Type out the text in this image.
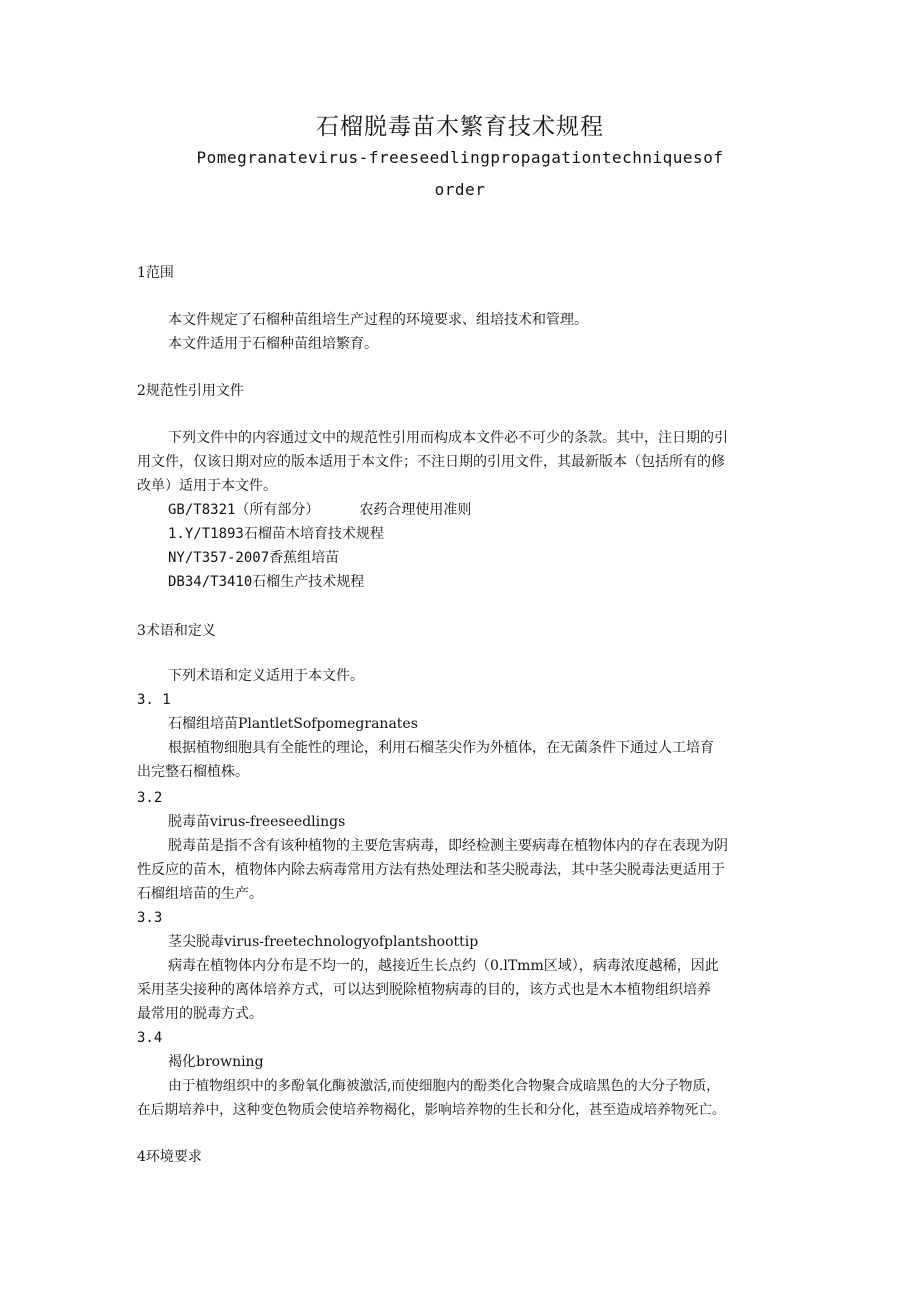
石榴脱毒苗木繁育技术规程
Pomegranatevirus-freeseedlingpropagationtechniquesof
order
1范围
本文件规定了石榴种苗组培生产过程的环境要求、组培技术和管理。
本文件适用于石榴种苗组培繁育。
2规范性引用文件
下列文件中的内容通过文中的规范性引用而构成本文件必不可少的条款。其中，注日期的引
用文件，仅该日期对应的版本适用于本文件；不注日期的引用文件，其最新版本（包括所有的修
改单）适用于本文件。
GB/T8321（所有部分）	农药合理使用准则
1.Y/T1893石榴苗木培育技术规程
NY/T357-2007香蕉组培苗
DB34/T3410石榴生产技术规程
3术语和定义
下列术语和定义适用于本文件。
3. 1
石榴组培苗PlantletSofpomegranates
根据植物细胞具有全能性的理论，利用石榴茎尖作为外植体，在无菌条件下通过人工培育
出完整石榴植株。
3.2
脱毒苗virus-freeseedlings
脱毒苗是指不含有该种植物的主要危害病毒，即经检测主要病毒在植物体内的存在表现为阴
性反应的苗木，植物体内除去病毒常用方法有热处理法和茎尖脱毒法，其中茎尖脱毒法更适用于
石榴组培苗的生产。
3.3
茎尖脱毒virus-freetechnologyofplantshoottip
病毒在植物体内分布是不均一的，越接近生长点约（0.lTmm区域），病毒浓度越稀，因此
采用茎尖接种的离体培养方式，可以达到脱除植物病毒的目的，该方式也是木本植物组织培养
最常用的脱毒方式。
3.4
褐化browning
由于植物组织中的多酚氧化酶被激活,而使细胞内的酚类化合物聚合成暗黑色的大分子物质，
在后期培养中，这种变色物质会使培养物褐化，影响培养物的生长和分化，甚至造成培养物死亡。
4环境要求
